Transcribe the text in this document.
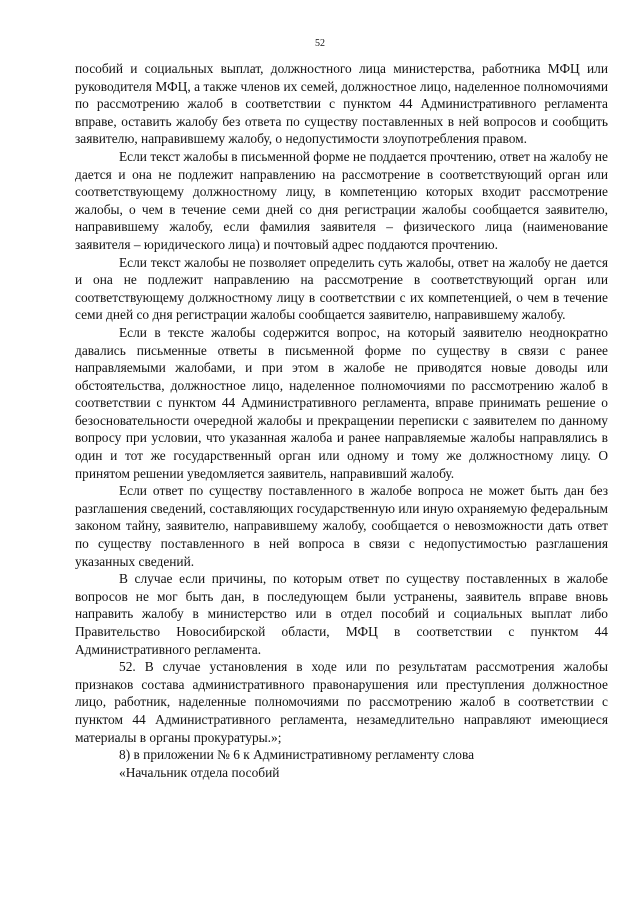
52

пособий и социальных выплат, должностного лица министерства, работника МФЦ или руководителя МФЦ, а также членов их семей, должностное лицо, наделенное полномочиями по рассмотрению жалоб в соответствии с пунктом 44 Административного регламента вправе, оставить жалобу без ответа по существу поставленных в ней вопросов и сообщить заявителю, направившему жалобу, о недопустимости злоупотребления правом.

Если текст жалобы в письменной форме не поддается прочтению, ответ на жалобу не дается и она не подлежит направлению на рассмотрение в соответствующий орган или соответствующему должностному лицу, в компетенцию которых входит рассмотрение жалобы, о чем в течение семи дней со дня регистрации жалобы сообщается заявителю, направившему жалобу, если фамилия заявителя – физического лица (наименование заявителя – юридического лица) и почтовый адрес поддаются прочтению.

Если текст жалобы не позволяет определить суть жалобы, ответ на жалобу не дается и она не подлежит направлению на рассмотрение в соответствующий орган или соответствующему должностному лицу в соответствии с их компетенцией, о чем в течение семи дней со дня регистрации жалобы сообщается заявителю, направившему жалобу.

Если в тексте жалобы содержится вопрос, на который заявителю неоднократно давались письменные ответы в письменной форме по существу в связи с ранее направляемыми жалобами, и при этом в жалобе не приводятся новые доводы или обстоятельства, должностное лицо, наделенное полномочиями по рассмотрению жалоб в соответствии с пунктом 44 Административного регламента, вправе принимать решение о безосновательности очередной жалобы и прекращении переписки с заявителем по данному вопросу при условии, что указанная жалоба и ранее направляемые жалобы направлялись в один и тот же государственный орган или одному и тому же должностному лицу. О принятом решении уведомляется заявитель, направивший жалобу.

Если ответ по существу поставленного в жалобе вопроса не может быть дан без разглашения сведений, составляющих государственную или иную охраняемую федеральным законом тайну, заявителю, направившему жалобу, сообщается о невозможности дать ответ по существу поставленного в ней вопроса в связи с недопустимостью разглашения указанных сведений.

В случае если причины, по которым ответ по существу поставленных в жалобе вопросов не мог быть дан, в последующем были устранены, заявитель вправе вновь направить жалобу в министерство или в отдел пособий и социальных выплат либо Правительство Новосибирской области, МФЦ в соответствии с пунктом 44 Административного регламента.

52. В случае установления в ходе или по результатам рассмотрения жалобы признаков состава административного правонарушения или преступления должностное лицо, работник, наделенные полномочиями по рассмотрению жалоб в соответствии с пунктом 44 Административного регламента, незамедлительно направляют имеющиеся материалы в органы прокуратуры.»;

8) в приложении № 6 к Административному регламенту слова

«Начальник отдела пособий
